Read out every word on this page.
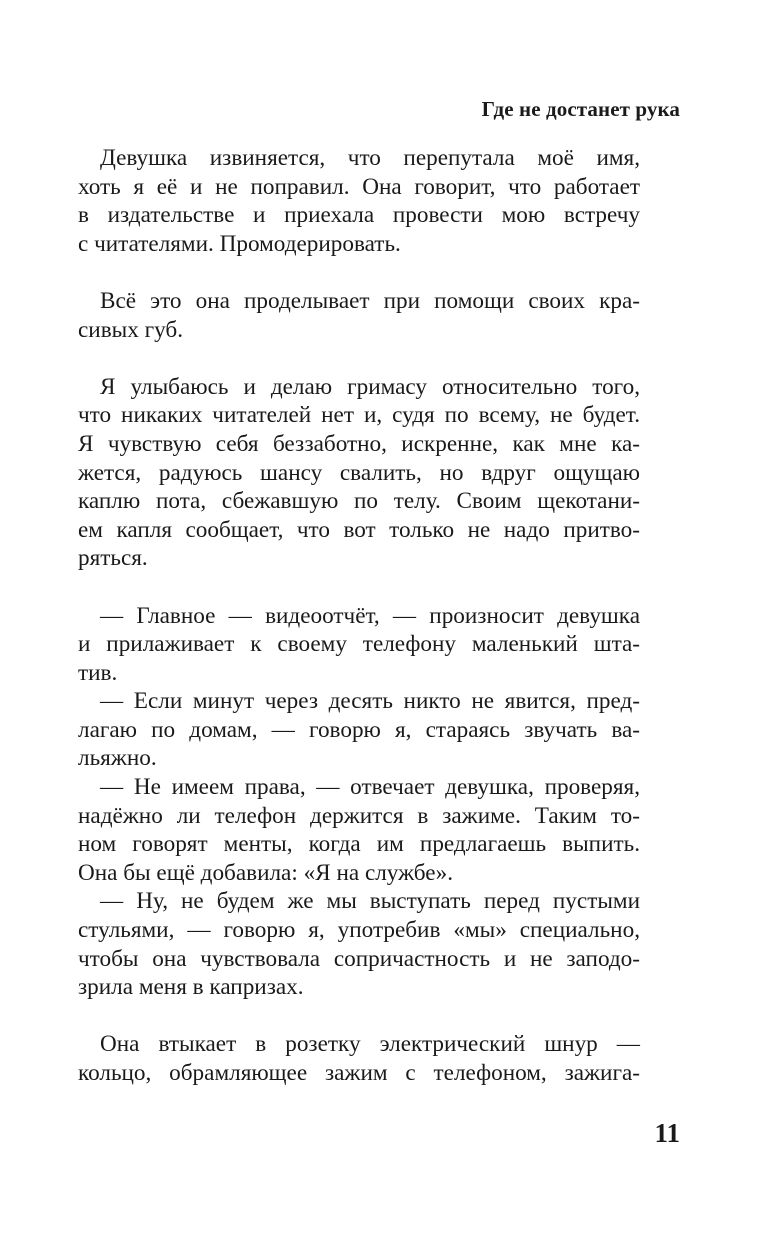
Где не достанет рука
Девушка извиняется, что перепутала моё имя,
хоть я её и не поправил. Она говорит, что работает
в издательстве и приехала провести мою встречу
с читателями. Промодерировать.
Всё это она проделывает при помощи своих кра-
сивых губ.
Я улыбаюсь и делаю гримасу относительно того,
что никаких читателей нет и, судя по всему, не будет.
Я чувствую себя беззаботно, искренне, как мне ка-
жется, радуюсь шансу свалить, но вдруг ощущаю
каплю пота, сбежавшую по телу. Своим щекотани-
ем капля сообщает, что вот только не надо притво-
ряться.
— Главное — видеоотчёт, — произносит девушка
и прилаживает к своему телефону маленький шта-
тив.
— Если минут через десять никто не явится, пред-
лагаю по домам, — говорю я, стараясь звучать ва-
льяжно.
— Не имеем права, — отвечает девушка, проверяя,
надёжно ли телефон держится в зажиме. Таким то-
ном говорят менты, когда им предлагаешь выпить.
Она бы ещё добавила: «Я на службе».
— Ну, не будем же мы выступать перед пустыми
стульями, — говорю я, употребив «мы» специально,
чтобы она чувствовала сопричастность и не заподо-
зрила меня в капризах.
Она втыкает в розетку электрический шнур —
кольцо, обрамляющее зажим с телефоном, зажига-
11
